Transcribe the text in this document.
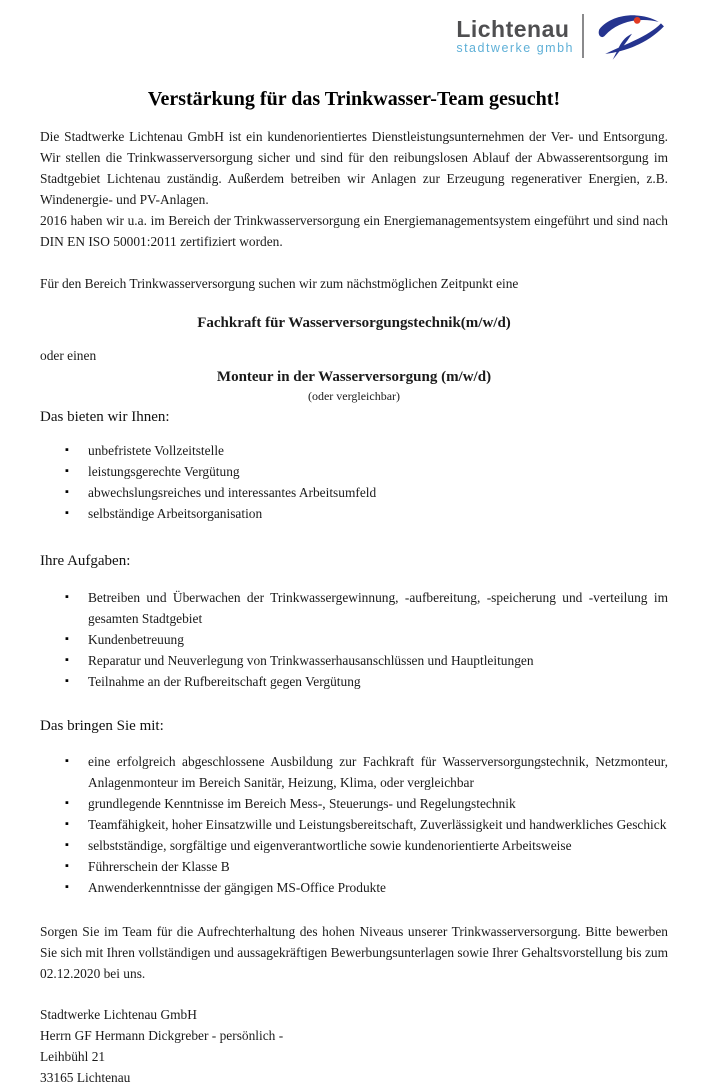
Lichtenau
stadtwerke gmbh
Verstärkung für das Trinkwasser-Team gesucht!

Die Stadtwerke Lichtenau GmbH ist ein kundenorientiertes Dienstleistungsunternehmen der Ver- und Entsorgung. Wir stellen die Trinkwasserversorgung sicher und sind für den reibungslosen Ablauf der Abwasserentsorgung im Stadtgebiet Lichtenau zuständig. Außerdem betreiben wir Anlagen zur Erzeugung regenerativer Energien, z.B. Windenergie- und PV-Anlagen.

2016 haben wir u.a. im Bereich der Trinkwasserversorgung ein Energiemanagementsystem eingeführt und sind nach DIN EN ISO 50001:2011 zertifiziert worden.

Für den Bereich Trinkwasserversorgung suchen wir zum nächstmöglichen Zeitpunkt eine

Fachkraft für Wasserversorgungstechnik(m/w/d)

oder einen

Monteur in der Wasserversorgung (m/w/d)

(oder vergleichbar)

Das bieten wir Ihnen:
▪ unbefristete Vollzeitstelle
▪ leistungsgerechte Vergütung
▪ abwechslungsreiches und interessantes Arbeitsumfeld
▪ selbständige Arbeitsorganisation
Ihre Aufgaben:
▪ Betreiben und Überwachen der Trinkwassergewinnung, -aufbereitung, -speicherung und -verteilung im gesamten Stadtgebiet
▪ Kundenbetreuung
▪ Reparatur und Neuverlegung von Trinkwasserhausanschlüssen und Hauptleitungen
▪ Teilnahme an der Rufbereitschaft gegen Vergütung
Das bringen Sie mit:
▪ eine erfolgreich abgeschlossene Ausbildung zur Fachkraft für Wasserversorgungstechnik, Netzmonteur, Anlagenmonteur im Bereich Sanitär, Heizung, Klima, oder vergleichbar
▪ grundlegende Kenntnisse im Bereich Mess-, Steuerungs- und Regelungstechnik
▪ Teamfähigkeit, hoher Einsatzwille und Leistungsbereitschaft, Zuverlässigkeit und handwerkliches Geschick
▪ selbstständige, sorgfältige und eigenverantwortliche sowie kundenorientierte Arbeitsweise
▪ Führerschein der Klasse B
▪ Anwenderkenntnisse der gängigen MS-Office Produkte

Sorgen Sie im Team für die Aufrechterhaltung des hohen Niveaus unserer Trinkwasserversorgung. Bitte bewerben Sie sich mit Ihren vollständigen und aussagekräftigen Bewerbungsunterlagen sowie Ihrer Gehaltsvorstellung bis zum 02.12.2020 bei uns.

Stadtwerke Lichtenau GmbH
Herrn GF Hermann Dickgreber - persönlich -
Leihbühl 21
33165 Lichtenau
